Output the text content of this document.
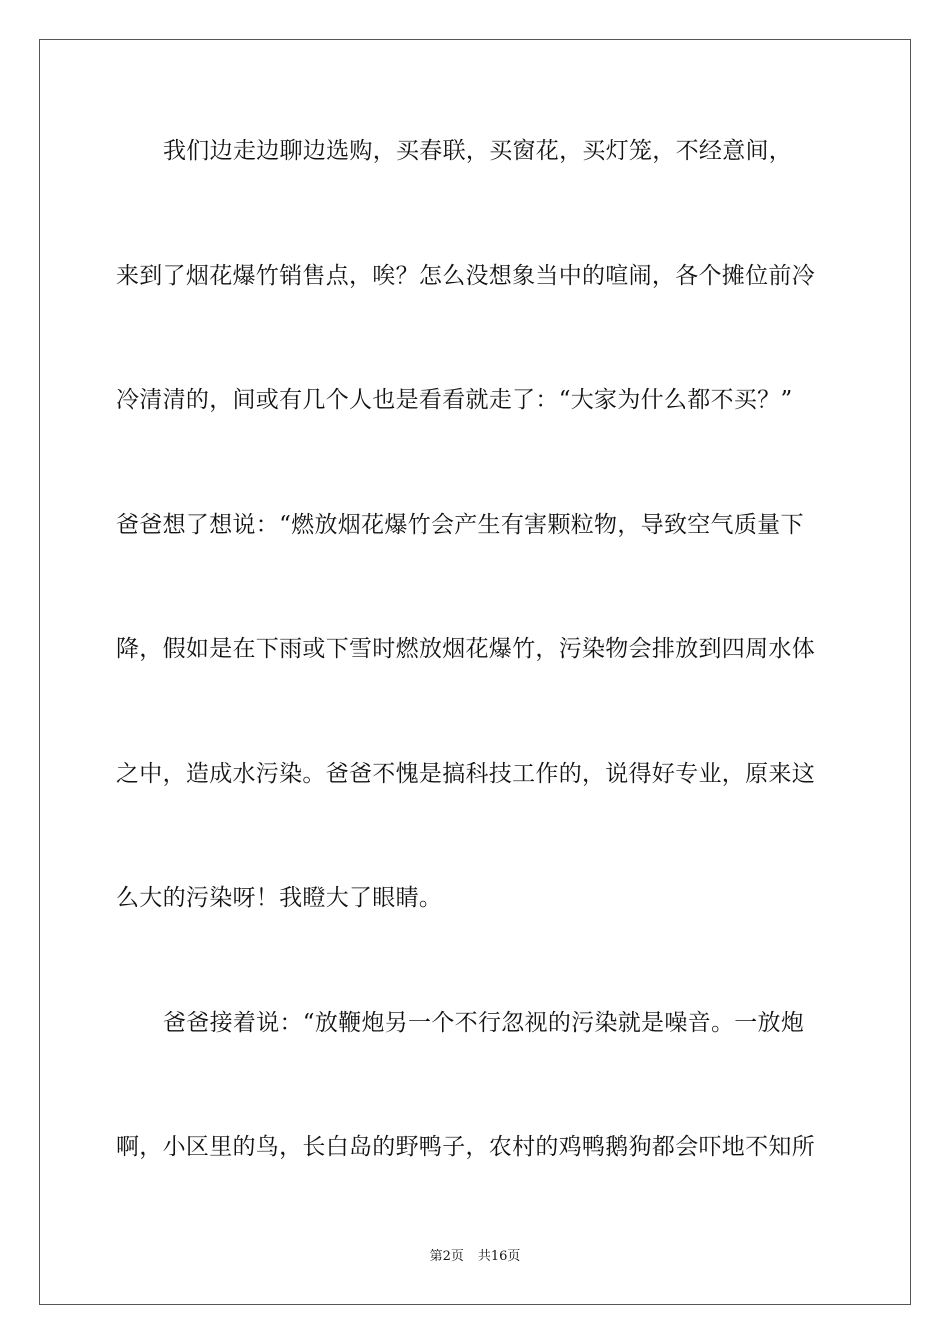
我们边走边聊边选购，买春联，买窗花，买灯笼，不经意间，
来到了烟花爆竹销售点，唉？怎么没想象当中的喧闹，各个摊位前冷
冷清清的，间或有几个人也是看看就走了：“大家为什么都不买？”
爸爸想了想说：“燃放烟花爆竹会产生有害颗粒物，导致空气质量下
降，假如是在下雨或下雪时燃放烟花爆竹，污染物会排放到四周水体
之中，造成水污染。爸爸不愧是搞科技工作的，说得好专业，原来这
么大的污染呀！我瞪大了眼睛。
爸爸接着说：“放鞭炮另一个不行忽视的污染就是噪音。一放炮
啊，小区里的鸟，长白岛的野鸭子，农村的鸡鸭鹅狗都会吓地不知所
第2页 共16页
